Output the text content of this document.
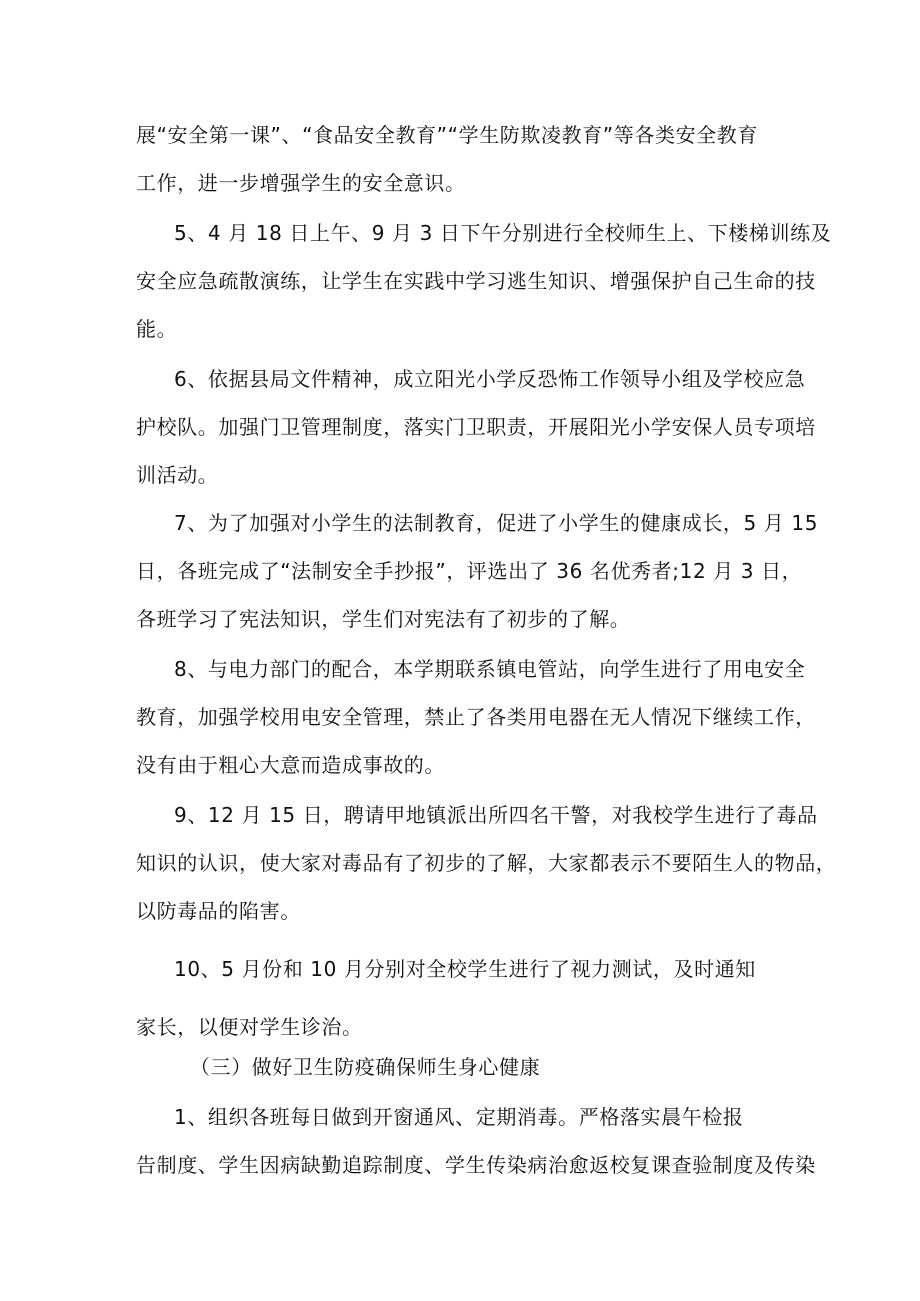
展“安全第一课”、“食品安全教育”“学生防欺凌教育”等各类安全教育
工作，进一步增强学生的安全意识。
5、4 月 18 日上午、9 月 3 日下午分别进行全校师生上、下楼梯训练及
安全应急疏散演练，让学生在实践中学习逃生知识、增强保护自己生命的技
能。
6、依据县局文件精神，成立阳光小学反恐怖工作领导小组及学校应急
护校队。加强门卫管理制度，落实门卫职责，开展阳光小学安保人员专项培
训活动。
7、为了加强对小学生的法制教育，促进了小学生的健康成长，5 月 15
日，各班完成了“法制安全手抄报”，评选出了 36 名优秀者;12 月 3 日，
各班学习了宪法知识，学生们对宪法有了初步的了解。
8、与电力部门的配合，本学期联系镇电管站，向学生进行了用电安全
教育，加强学校用电安全管理，禁止了各类用电器在无人情况下继续工作，
没有由于粗心大意而造成事故的。
9、12 月 15 日，聘请甲地镇派出所四名干警，对我校学生进行了毒品
知识的认识，使大家对毒品有了初步的了解，大家都表示不要陌生人的物品，
以防毒品的陷害。
10、5 月份和 10 月分别对全校学生进行了视力测试，及时通知
家长，以便对学生诊治。
（三）做好卫生防疫确保师生身心健康
1、组织各班每日做到开窗通风、定期消毒。严格落实晨午检报
告制度、学生因病缺勤追踪制度、学生传染病治愈返校复课查验制度及传染
